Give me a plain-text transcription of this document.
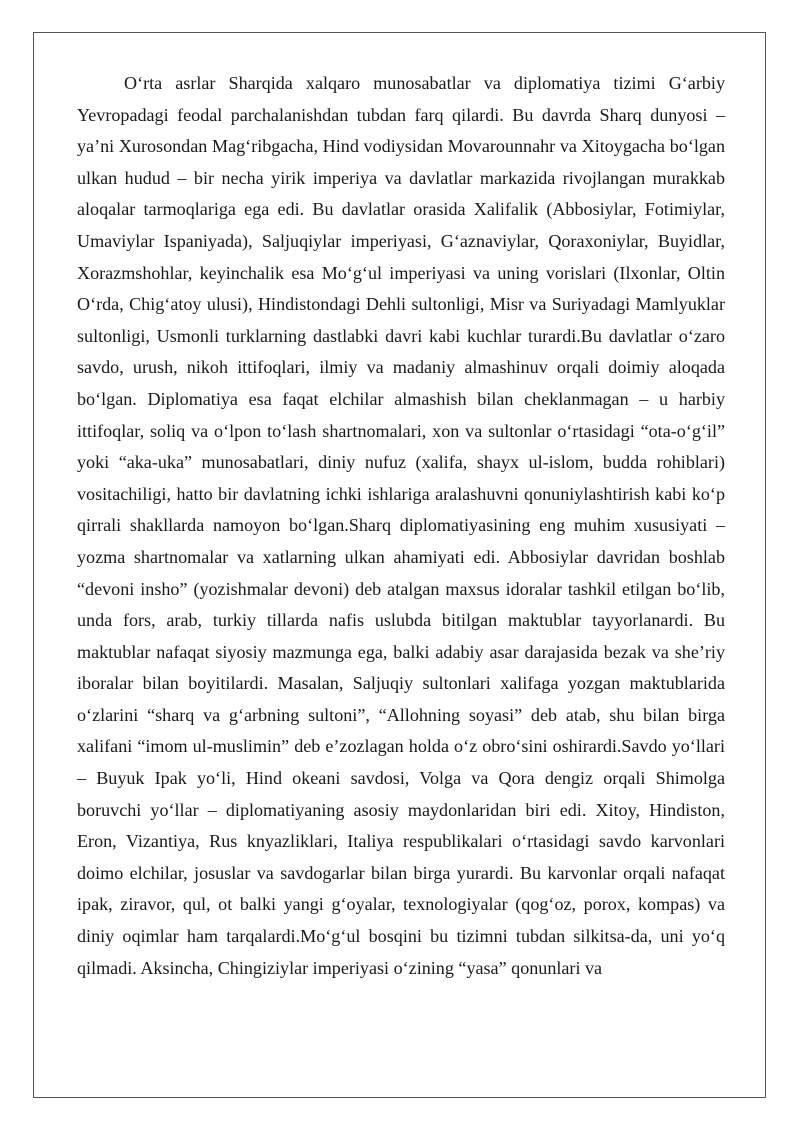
O‘rta asrlar Sharqida xalqaro munosabatlar va diplomatiya tizimi G‘arbiy Yevropadagi feodal parchalanishdan tubdan farq qilardi. Bu davrda Sharq dunyosi – ya’ni Xurosondan Mag‘ribgacha, Hind vodiysidan Movarounnahr va Xitoygacha bo‘lgan ulkan hudud – bir necha yirik imperiya va davlatlar markazida rivojlangan murakkab aloqalar tarmoqlariga ega edi. Bu davlatlar orasida Xalifalik (Abbosiylar, Fotimiylar, Umaviylar Ispaniyada), Saljuqiylar imperiyasi, G‘aznaviylar, Qoraxoniylar, Buyidlar, Xorazmshohlar, keyinchalik esa Mo‘g‘ul imperiyasi va uning vorislari (Ilxonlar, Oltin O‘rda, Chig‘atoy ulusi), Hindistondagi Dehli sultonligi, Misr va Suriyadagi Mamlyuklar sultonligi, Usmonli turklarning dastlabki davri kabi kuchlar turardi.Bu davlatlar o‘zaro savdo, urush, nikoh ittifoqlari, ilmiy va madaniy almashinuv orqali doimiy aloqada bo‘lgan. Diplomatiya esa faqat elchilar almashish bilan cheklanmagan – u harbiy ittifoqlar, soliq va o‘lpon to‘lash shartnomalari, xon va sultonlar o‘rtasidagi “ota-o‘g‘il” yoki “aka-uka” munosabatlari, diniy nufuz (xalifa, shayx ul-islom, budda rohiblari) vositachiligi, hatto bir davlatning ichki ishlariga aralashuvni qonuniylashtirish kabi ko‘p qirrali shakllarda namoyon bo‘lgan.Sharq diplomatiyasining eng muhim xususiyati – yozma shartnomalar va xatlarning ulkan ahamiyati edi. Abbosiylar davridan boshlab “devoni insho” (yozishmalar devoni) deb atalgan maxsus idoralar tashkil etilgan bo‘lib, unda fors, arab, turkiy tillarda nafis uslubda bitilgan maktublar tayyorlanardi. Bu maktublar nafaqat siyosiy mazmunga ega, balki adabiy asar darajasida bezak va she’riy iboralar bilan boyitilardi. Masalan, Saljuqiy sultonlari xalifaga yozgan maktublarida o‘zlarini “sharq va g‘arbning sultoni”, “Allohning soyasi” deb atab, shu bilan birga xalifani “imom ul-muslimin” deb e’zozlagan holda o‘z obro‘sini oshirardi.Savdo yo‘llari – Buyuk Ipak yo‘li, Hind okeani savdosi, Volga va Qora dengiz orqali Shimolga boruvchi yo‘llar – diplomatiyaning asosiy maydonlaridan biri edi. Xitoy, Hindiston, Eron, Vizantiya, Rus knyazliklari, Italiya respublikalari o‘rtasidagi savdo karvonlari doimo elchilar, josuslar va savdogarlar bilan birga yurardi. Bu karvonlar orqali nafaqat ipak, ziravor, qul, ot balki yangi g‘oyalar, texnologiyalar (qog‘oz, porox, kompas) va diniy oqimlar ham tarqalardi.Mo‘g‘ul bosqini bu tizimni tubdan silkitsa-da, uni yo‘q qilmadi. Aksincha, Chingiziylar imperiyasi o‘zining “yasa” qonunlari va
